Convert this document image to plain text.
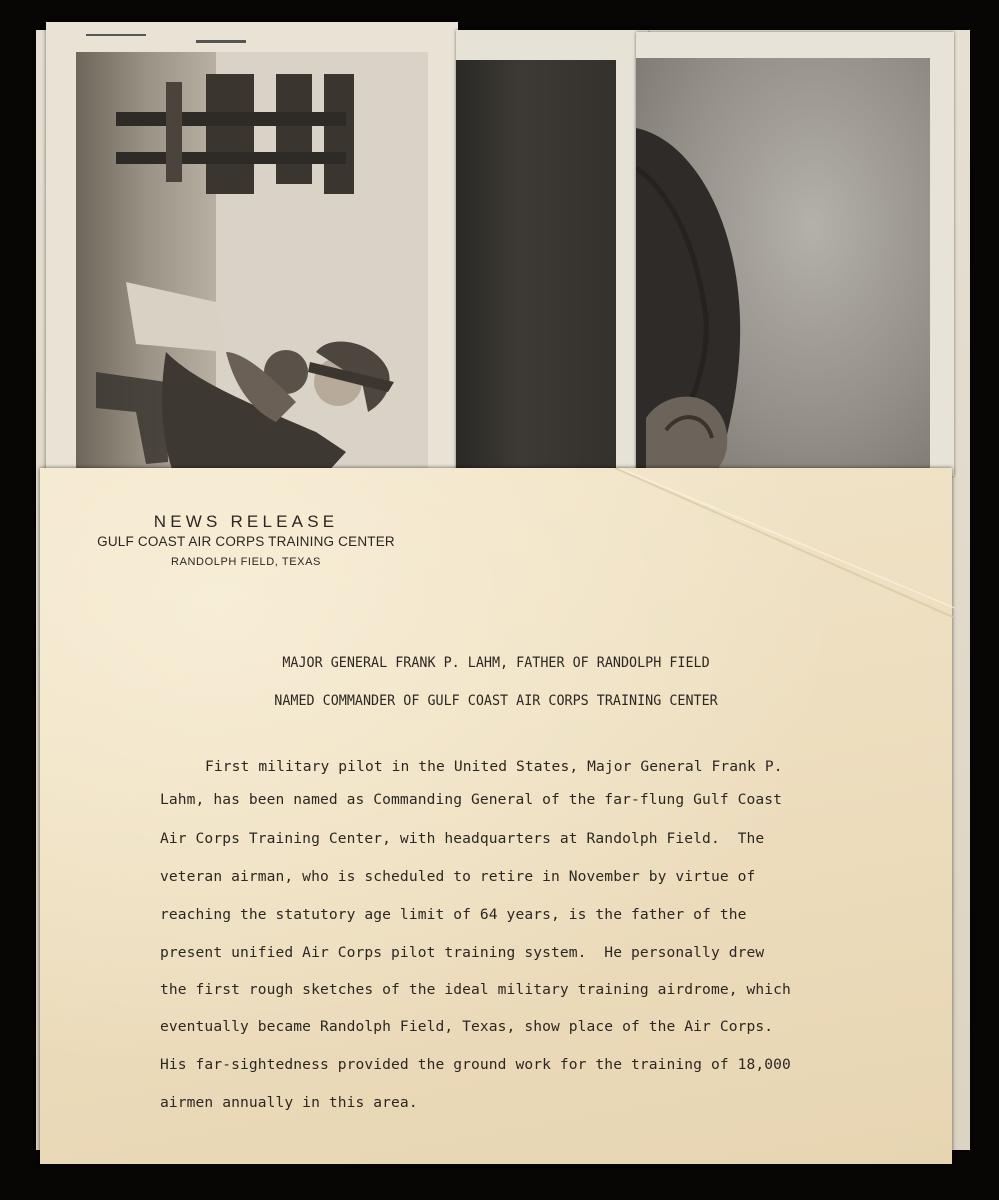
NEWS RELEASE
GULF COAST AIR CORPS TRAINING CENTER
RANDOLPH FIELD, TEXAS
MAJOR GENERAL FRANK P. LAHM, FATHER OF RANDOLPH FIELD
NAMED COMMANDER OF GULF COAST AIR CORPS TRAINING CENTER
First military pilot in the United States, Major General Frank P.
Lahm, has been named as Commanding General of the far-flung Gulf Coast
Air Corps Training Center, with headquarters at Randolph Field.  The
veteran airman, who is scheduled to retire in November by virtue of
reaching the statutory age limit of 64 years, is the father of the
present unified Air Corps pilot training system.  He personally drew
the first rough sketches of the ideal military training airdrome, which
eventually became Randolph Field, Texas, show place of the Air Corps.
His far-sightedness provided the ground work for the training of 18,000
airmen annually in this area.
